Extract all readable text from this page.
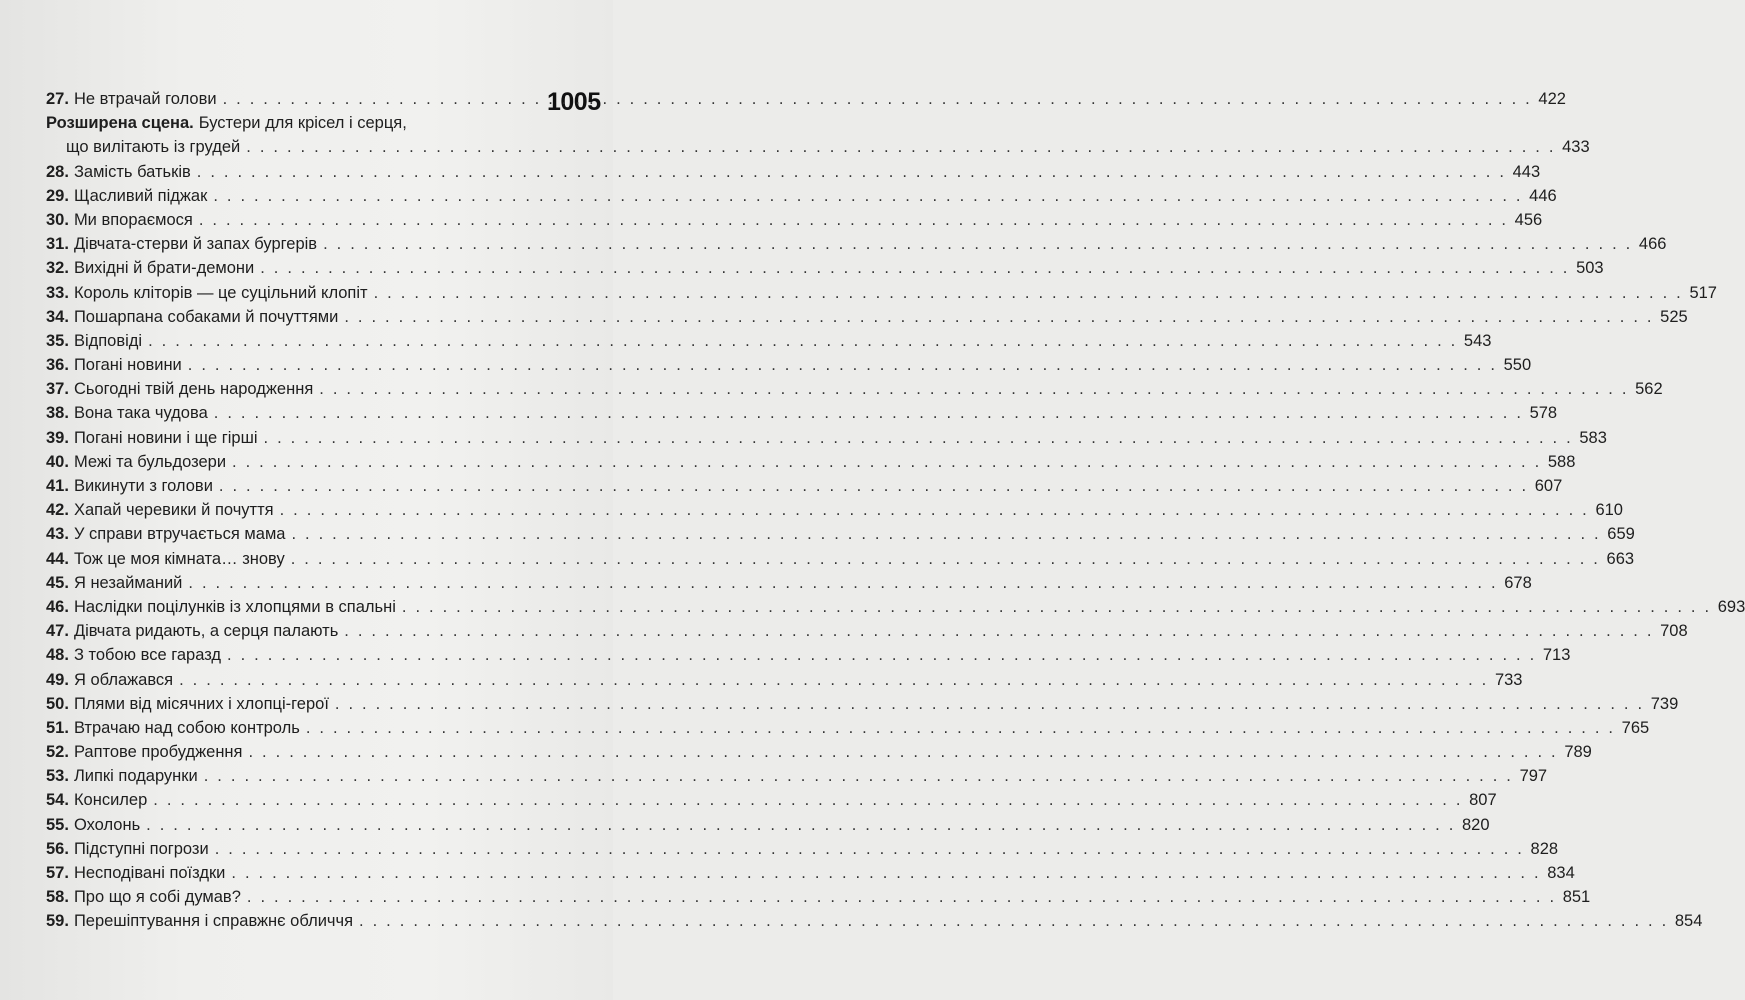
1005
27. Не втрачай голови . . .	422
Розширена сцена. Бустери для крісел і серця,
що вилітають із грудей . . .	433
28. Замість батьків . . .	443
29. Щасливий піджак . . .	446
30. Ми впораємося . . .	456
31. Дівчата-стерви й запах бургерів . . .	466
32. Вихідні й брати-демони . . .	503
33. Король кліторів — це суцільний клопіт . . .	517
34. Пошарпана собаками й почуттями . . .	525
35. Відповіді . . .	543
36. Погані новини . . .	550
37. Сьогодні твій день народження . . .	562
38. Вона така чудова . . .	578
39. Погані новини і ще гірші . . .	583
40. Межі та бульдозери . . .	588
41. Викинути з голови . . .	607
42. Хапай черевики й почуття . . .	610
43. У справи втручається мама . . .	659
44. Тож це моя кімната… знову . . .	663
45. Я незайманий . . .	678
46. Наслідки поцілунків із хлопцями в спальні . . .	693
47. Дівчата ридають, а серця палають . . .	708
48. З тобою все гаразд . . .	713
49. Я облажався . . .	733
50. Плями від місячних і хлопці-герої . . .	739
51. Втрачаю над собою контроль . . .	765
52. Раптове пробудження . . .	789
53. Липкі подарунки . . .	797
54. Консилер . . .	807
55. Охолонь . . .	820
56. Підступні погрози . . .	828
57. Несподівані поїздки . . .	834
58. Про що я собі думав? . . .	851
59. Перешіптування і справжнє обличчя . . .	854
